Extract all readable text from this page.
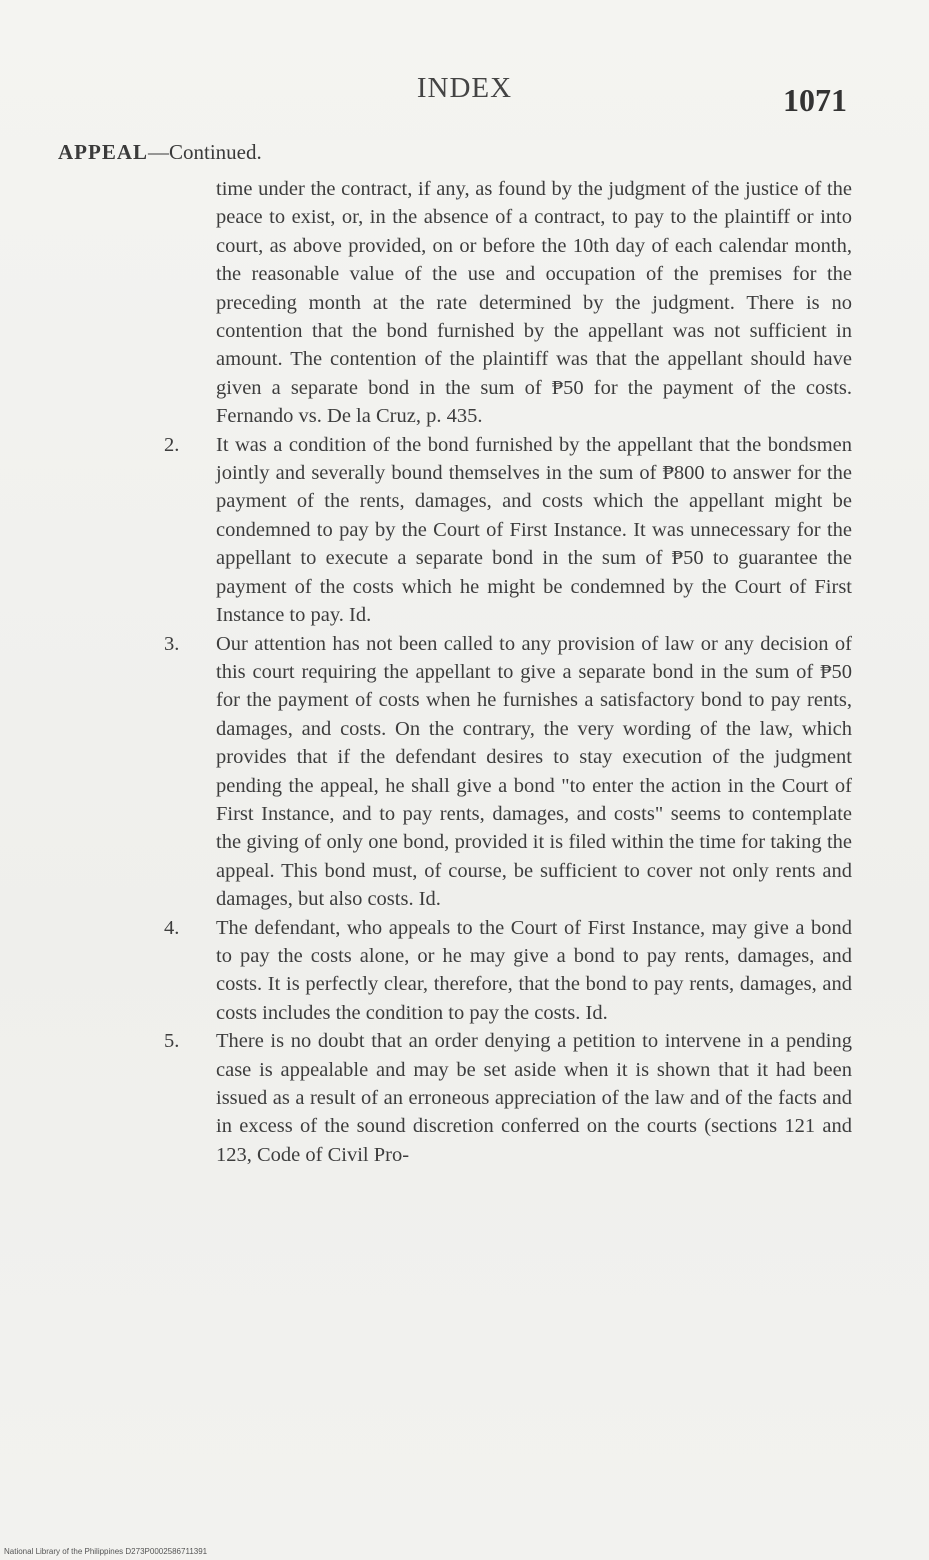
INDEX	1071
APPEAL—Continued.

time under the contract, if any, as found by the judgment of the justice of the peace to exist, or, in the absence of a contract, to pay to the plaintiff or into court, as above provided, on or before the 10th day of each calendar month, the reasonable value of the use and occupation of the premises for the preceding month at the rate determined by the judgment. There is no contention that the bond furnished by the appellant was not sufficient in amount. The contention of the plaintiff was that the appellant should have given a separate bond in the sum of ₱50 for the payment of the costs. Fernando vs. De la Cruz, p. 435.

2. It was a condition of the bond furnished by the appellant that the bondsmen jointly and severally bound themselves in the sum of ₱800 to answer for the payment of the rents, damages, and costs which the appellant might be condemned to pay by the Court of First Instance. It was unnecessary for the appellant to execute a separate bond in the sum of ₱50 to guarantee the payment of the costs which he might be condemned by the Court of First Instance to pay. Id.

3. Our attention has not been called to any provision of law or any decision of this court requiring the appellant to give a separate bond in the sum of ₱50 for the payment of costs when he furnishes a satisfactory bond to pay rents, damages, and costs. On the contrary, the very wording of the law, which provides that if the defendant desires to stay execution of the judgment pending the appeal, he shall give a bond "to enter the action in the Court of First Instance, and to pay rents, damages, and costs" seems to contemplate the giving of only one bond, provided it is filed within the time for taking the appeal. This bond must, of course, be sufficient to cover not only rents and damages, but also costs. Id.

4. The defendant, who appeals to the Court of First Instance, may give a bond to pay the costs alone, or he may give a bond to pay rents, damages, and costs. It is perfectly clear, therefore, that the bond to pay rents, damages, and costs includes the condition to pay the costs. Id.

5. There is no doubt that an order denying a petition to intervene in a pending case is appealable and may be set aside when it is shown that it had been issued as a result of an erroneous appreciation of the law and of the facts and in excess of the sound discretion conferred on the courts (sections 121 and 123, Code of Civil Pro-

National Library of the Philippines D273P0002586711391
